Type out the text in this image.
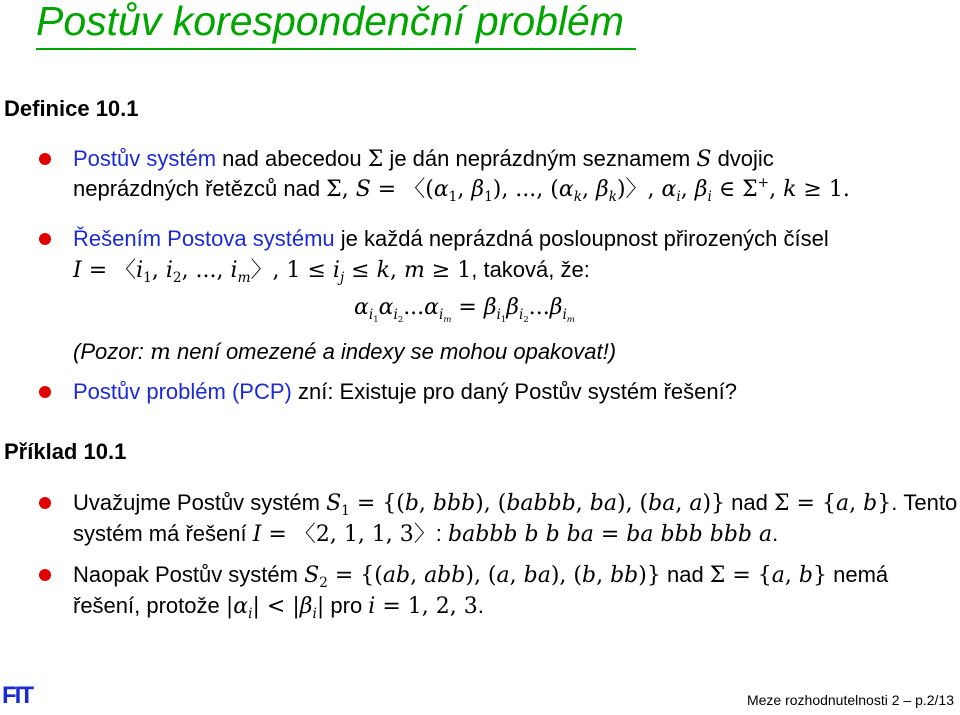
Postův korespondenční problém
Definice 10.1
Postův systém nad abecedou Σ je dán neprázdným seznamem S dvojic
neprázdných řetězců nad Σ, S = 〈($\alpha_1$, $\beta_1$), ..., ($\alpha_k$, $\beta_k$)〉, $\alpha_i$, $\beta_i$ ∈ Σ+, k ≥ 1.
Řešením Postova systému je každá neprázdná posloupnost přirozených čísel
I = 〈$i_1$, $i_2$, ..., $i_m$〉, $1 \le i_j \le k$, m ≥ 1, taková, že:
$\alpha_{i_1}\alpha_{i_2}...\alpha_{i_m} = \beta_{i_1}\beta_{i_2}...\beta_{i_m}$
(Pozor: m není omezené a indexy se mohou opakovat!)
Postův problém (PCP) zní: Existuje pro daný Postův systém řešení?
Příklad 10.1
Uvažujme Postův systém $S_1 = \{(b$, bbb), (babbb, ba), (ba, a)} nad Σ = {a, b}. Tento
systém má řešení I = 〈2, 1, 1, 3〉: babbb b b ba = ba bbb bbb a.
Naopak Postův systém $S_2 = \{(ab$, abb), (a, ba), (b, bb)} nad Σ = {a, b} nemá
řešení, protože $|\alpha_i| < |\beta_i|$ pro i = 1, 2, 3.
FIT	Meze rozhodnutelnosti 2 – p.2/13
